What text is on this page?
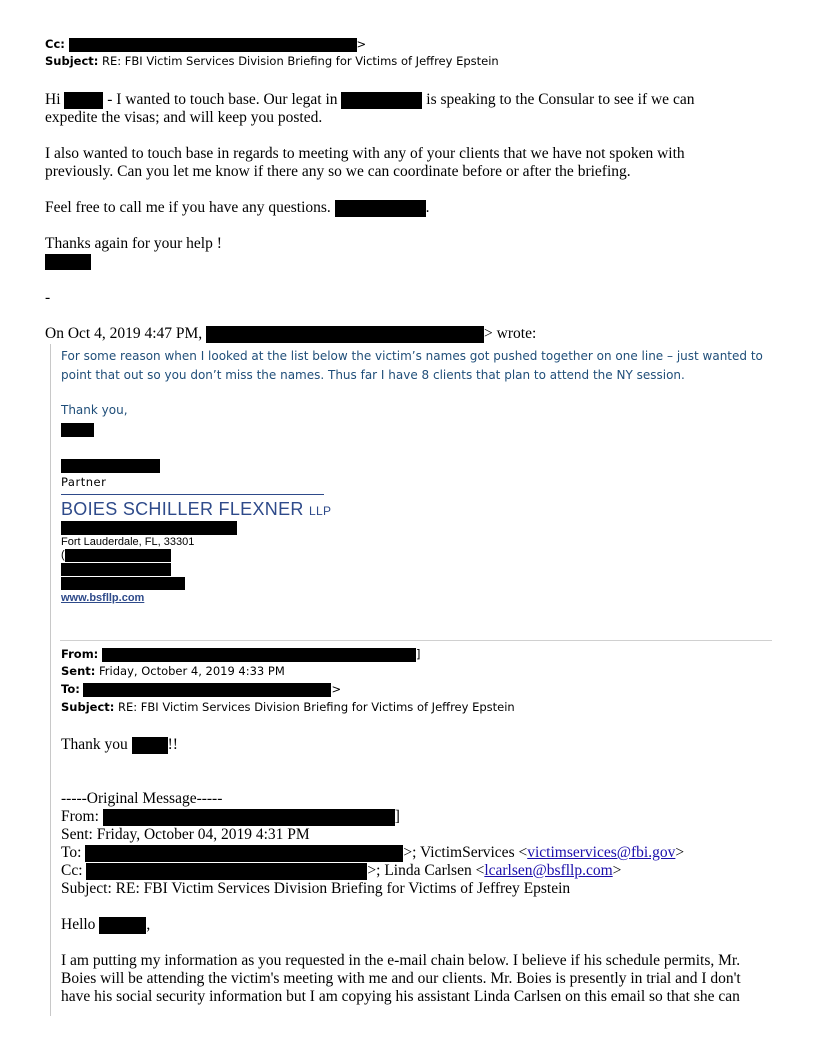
Cc:	>
Subject: RE: FBI Victim Services Division Briefing for Victims of Jeffrey Epstein
Hi	- I wanted to touch base. Our legat in	is speaking to the Consular to see if we can
expedite the visas; and will keep you posted.
I also wanted to touch base in regards to meeting with any of your clients that we have not spoken with previously. Can you let me know if there any so we can coordinate before or after the briefing.
Feel free to call me if you have any questions.	.
Thanks again for your help !
-
On Oct 4, 2019 4:47 PM,	> wrote:
For some reason when I looked at the list below the victim’s names got pushed together on one line – just wanted to point that out so you don’t miss the names. Thus far I have 8 clients that plan to attend the NY session.
Thank you,
Partner
BOIES SCHILLER FLEXNER LLP
Fort Lauderdale, FL, 33301
(
www.bsfllp.com
From:	]
Sent: Friday, October 4, 2019 4:33 PM
To:	>
Subject: RE: FBI Victim Services Division Briefing for Victims of Jeffrey Epstein
Thank you	!!
-----Original Message-----
From:	]
Sent: Friday, October 04, 2019 4:31 PM
To:	>; VictimServices <victimservices@fbi.gov>
Cc:	>; Linda Carlsen <lcarlsen@bsfllp.com>
Subject: RE: FBI Victim Services Division Briefing for Victims of Jeffrey Epstein
Hello	,
I am putting my information as you requested in the e-mail chain below. I believe if his schedule permits, Mr. Boies will be attending the victim's meeting with me and our clients. Mr. Boies is presently in trial and I don't have his social security information but I am copying his assistant Linda Carlsen on this email so that she can
